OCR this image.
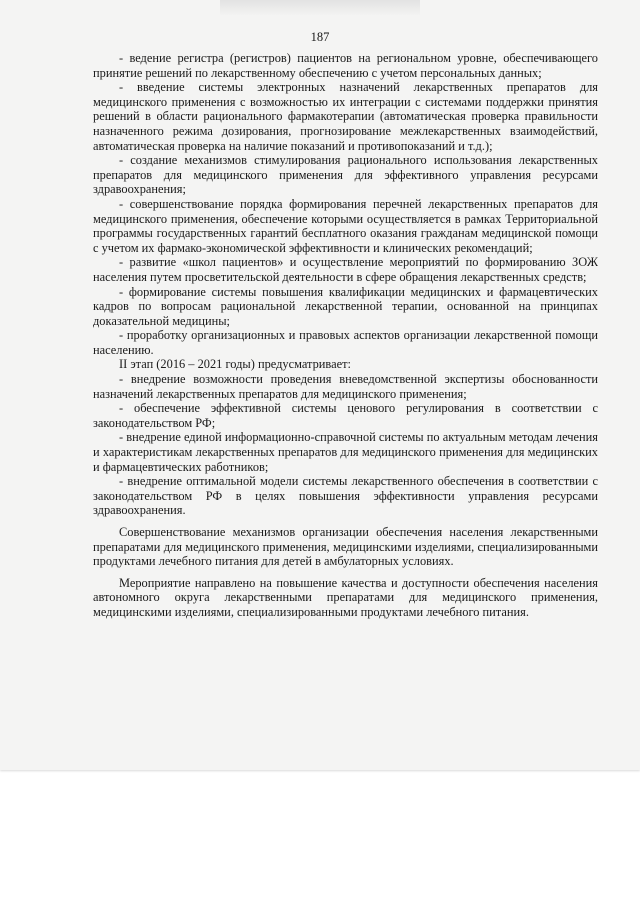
187

- ведение регистра (регистров) пациентов на региональном уровне, обеспечивающего принятие решений по лекарственному обеспечению с учетом персональных данных;

- введение системы электронных назначений лекарственных препаратов для медицинского применения с возможностью их интеграции с системами поддержки принятия решений в области рационального фармакотерапии (автоматическая проверка правильности назначенного режима дозирования, прогнозирование межлекарственных взаимодействий, автоматическая проверка на наличие показаний и противопоказаний и т.д.);

- создание механизмов стимулирования рационального использования лекарственных препаратов для медицинского применения для эффективного управления ресурсами здравоохранения;

- совершенствование порядка формирования перечней лекарственных препаратов для медицинского применения, обеспечение которыми осуществляется в рамках Территориальной программы государственных гарантий бесплатного оказания гражданам медицинской помощи с учетом их фармако-экономической эффективности и клинических рекомендаций;

- развитие «школ пациентов» и осуществление мероприятий по формированию ЗОЖ населения путем просветительской деятельности в сфере обращения лекарственных средств;

- формирование системы повышения квалификации медицинских и фармацевтических кадров по вопросам рациональной лекарственной терапии, основанной на принципах доказательной медицины;

- проработку организационных и правовых аспектов организации лекарственной помощи населению.

II этап (2016 – 2021 годы) предусматривает:

- внедрение возможности проведения вневедомственной экспертизы обоснованности назначений лекарственных препаратов для медицинского применения;

- обеспечение эффективной системы ценового регулирования в соответствии с законодательством РФ;

- внедрение единой информационно-справочной системы по актуальным методам лечения и характеристикам лекарственных препаратов для медицинского применения для медицинских и фармацевтических работников;

- внедрение оптимальной модели системы лекарственного обеспечения в соответствии с законодательством РФ в целях повышения эффективности управления ресурсами здравоохранения.

Совершенствование механизмов организации обеспечения населения лекарственными препаратами для медицинского применения, медицинскими изделиями, специализированными продуктами лечебного питания для детей в амбулаторных условиях.

Мероприятие направлено на повышение качества и доступности обеспечения населения автономного округа лекарственными препаратами для медицинского применения, медицинскими изделиями, специализированными продуктами лечебного питания.
